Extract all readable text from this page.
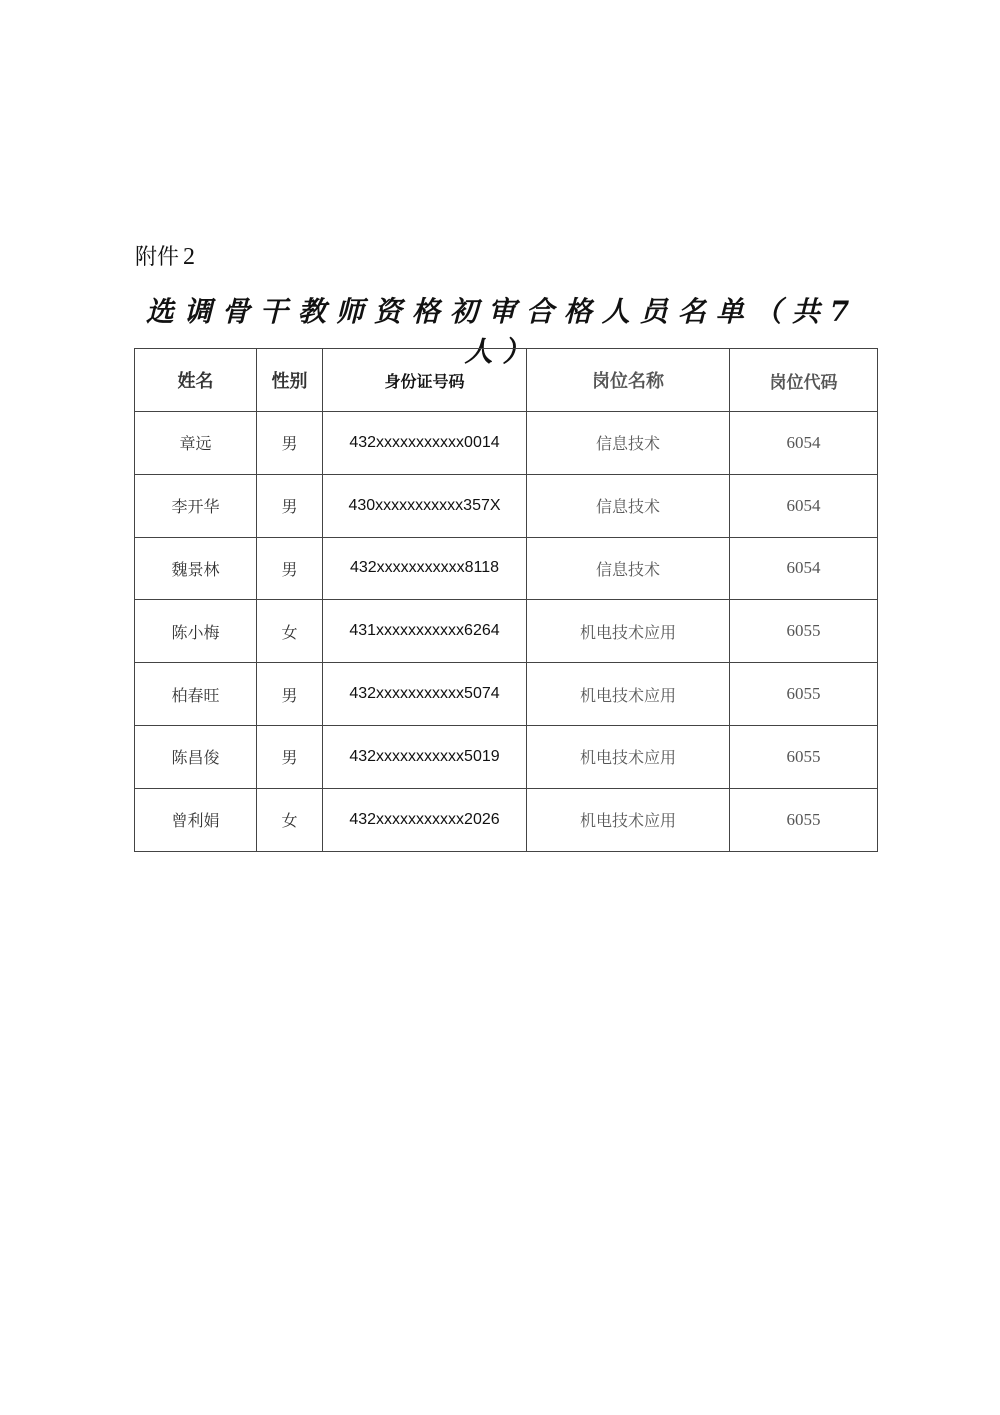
附件 2
选调骨干教师资格初审合格人员名单（共7人）
姓名	性别	身份证号码	岗位名称	岗位代码
章远	男	432xxxxxxxxxxx0014	信息技术	6054
李开华	男	430xxxxxxxxxxx357X	信息技术	6054
魏景林	男	432xxxxxxxxxxx8118	信息技术	6054
陈小梅	女	431xxxxxxxxxxx6264	机电技术应用	6055
柏春旺	男	432xxxxxxxxxxx5074	机电技术应用	6055
陈昌俊	男	432xxxxxxxxxxx5019	机电技术应用	6055
曾利娟	女	432xxxxxxxxxxx2026	机电技术应用	6055
